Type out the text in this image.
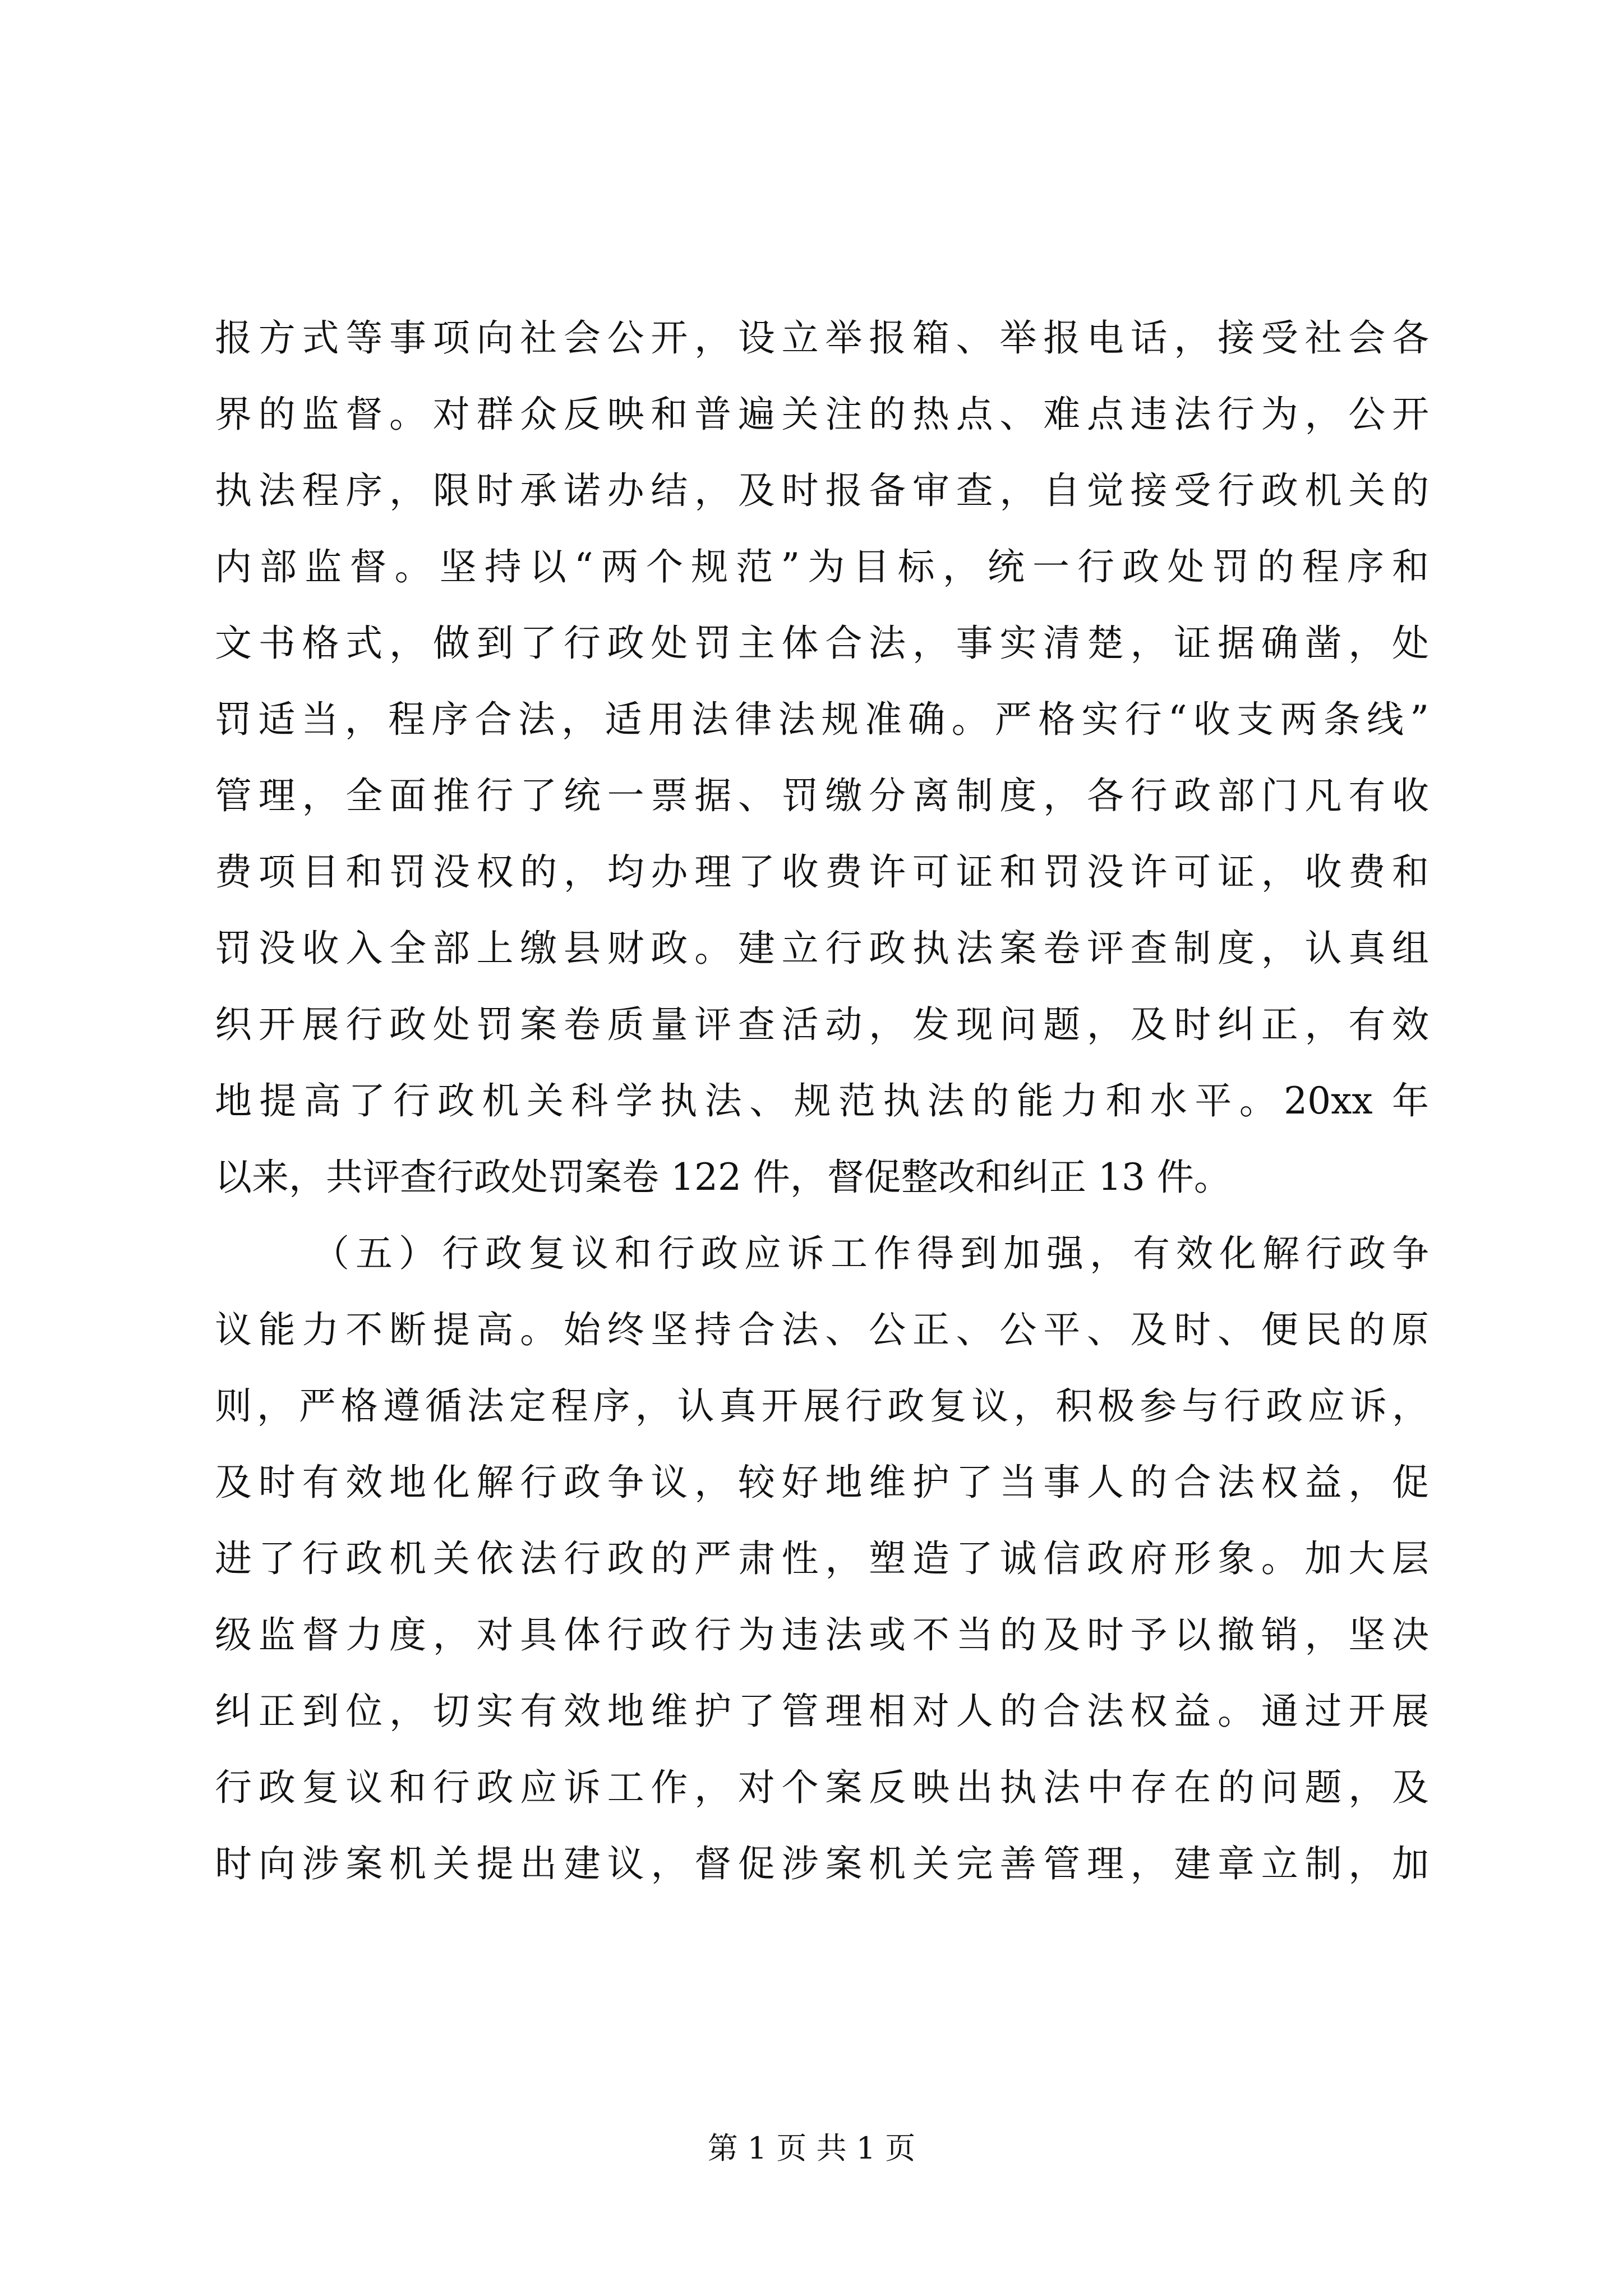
报方式等事项向社会公开，设立举报箱、举报电话，接受社会各
界的监督。对群众反映和普遍关注的热点、难点违法行为，公开
执法程序，限时承诺办结，及时报备审查，自觉接受行政机关的
内部监督。坚持以“两个规范”为目标，统一行政处罚的程序和
文书格式，做到了行政处罚主体合法，事实清楚，证据确凿，处
罚适当，程序合法，适用法律法规准确。严格实行“收支两条线”
管理，全面推行了统一票据、罚缴分离制度，各行政部门凡有收
费项目和罚没权的，均办理了收费许可证和罚没许可证，收费和
罚没收入全部上缴县财政。建立行政执法案卷评查制度，认真组
织开展行政处罚案卷质量评查活动，发现问题，及时纠正，有效
地提高了行政机关科学执法、规范执法的能力和水平。20xx 年
以来，共评查行政处罚案卷 122 件，督促整改和纠正 13 件。
（五）行政复议和行政应诉工作得到加强，有效化解行政争
议能力不断提高。始终坚持合法、公正、公平、及时、便民的原
则，严格遵循法定程序，认真开展行政复议，积极参与行政应诉，
及时有效地化解行政争议，较好地维护了当事人的合法权益，促
进了行政机关依法行政的严肃性，塑造了诚信政府形象。加大层
级监督力度，对具体行政行为违法或不当的及时予以撤销，坚决
纠正到位，切实有效地维护了管理相对人的合法权益。通过开展
行政复议和行政应诉工作，对个案反映出执法中存在的问题，及
时向涉案机关提出建议，督促涉案机关完善管理，建章立制，加
第 1 页 共 1 页
